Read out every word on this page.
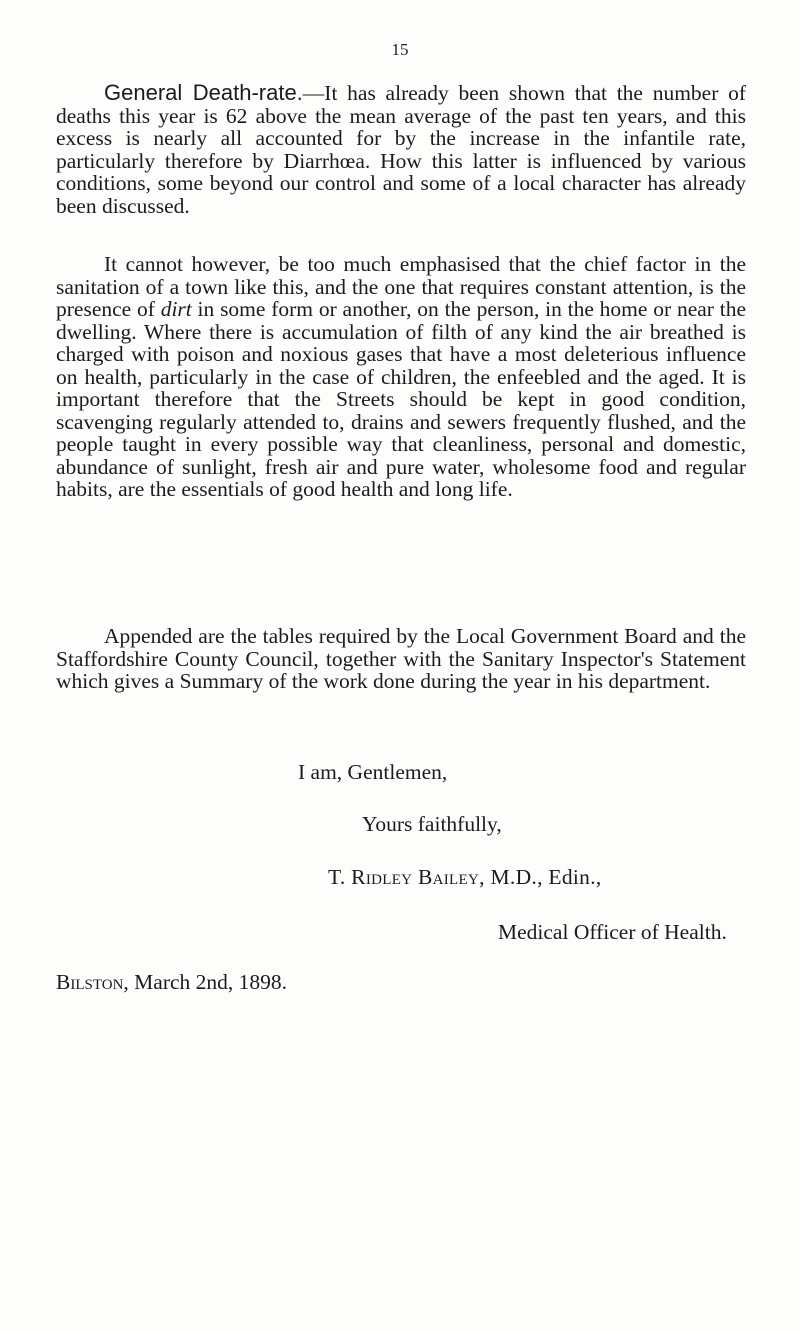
15

General Death-rate.—It has already been shown that the number of deaths this year is 62 above the mean average of the past ten years, and this excess is nearly all accounted for by the increase in the infantile rate, particularly therefore by Diarrhœa. How this latter is influenced by various conditions, some beyond our control and some of a local character has already been discussed.

It cannot however, be too much emphasised that the chief factor in the sanitation of a town like this, and the one that requires constant attention, is the presence of dirt in some form or another, on the person, in the home or near the dwelling. Where there is accumulation of filth of any kind the air breathed is charged with poison and noxious gases that have a most deleterious influence on health, particularly in the case of children, the enfeebled and the aged. It is important therefore that the Streets should be kept in good condition, scavenging regularly attended to, drains and sewers frequently flushed, and the people taught in every possible way that cleanliness, personal and domestic, abundance of sunlight, fresh air and pure water, wholesome food and regular habits, are the essentials of good health and long life.

Appended are the tables required by the Local Government Board and the Staffordshire County Council, together with the Sanitary Inspector's Statement which gives a Summary of the work done during the year in his department.

I am, Gentlemen,
Yours faithfully,
T. Ridley Bailey, M.D., Edin.,
Medical Officer of Health.
Bilston, March 2nd, 1898.
